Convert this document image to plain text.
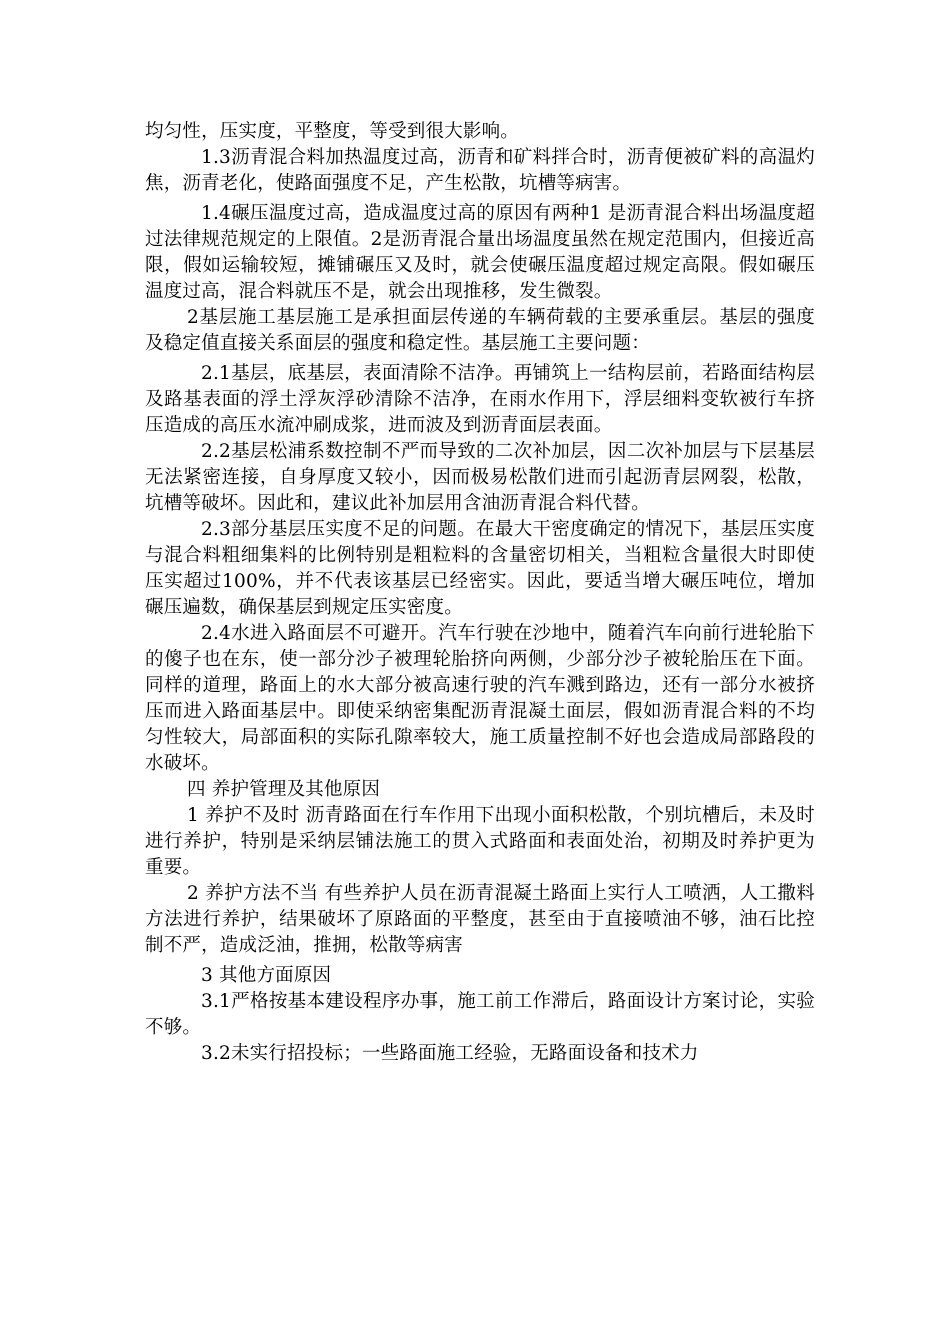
均匀性，压实度，平整度，等受到很大影响。

1.3沥青混合料加热温度过高，沥青和矿料拌合时，沥青便被矿料的高温灼焦，沥青老化，使路面强度不足，产生松散，坑槽等病害。

1.4碾压温度过高，造成温度过高的原因有两种1 是沥青混合料出场温度超过法律规范规定的上限值。2是沥青混合量出场温度虽然在规定范围内，但接近高限，假如运输较短，摊铺碾压又及时，就会使碾压温度超过规定高限。假如碾压温度过高，混合料就压不是，就会出现推移，发生微裂。

2基层施工基层施工是承担面层传递的车辆荷载的主要承重层。基层的强度及稳定值直接关系面层的强度和稳定性。基层施工主要问题：

2.1基层，底基层，表面清除不洁净。再铺筑上一结构层前，若路面结构层及路基表面的浮土浮灰浮砂清除不洁净，在雨水作用下，浮层细料变软被行车挤压造成的高压水流冲刷成浆，进而波及到沥青面层表面。

2.2基层松浦系数控制不严而导致的二次补加层，因二次补加层与下层基层无法紧密连接，自身厚度又较小，因而极易松散们进而引起沥青层网裂，松散，坑槽等破坏。因此和，建议此补加层用含油沥青混合料代替。

2.3部分基层压实度不足的问题。在最大干密度确定的情况下，基层压实度与混合料粗细集料的比例特别是粗粒料的含量密切相关，当粗粒含量很大时即使压实超过100%，并不代表该基层已经密实。因此，要适当增大碾压吨位，增加碾压遍数，确保基层到规定压实密度。

2.4水进入路面层不可避开。汽车行驶在沙地中，随着汽车向前行进轮胎下的傻子也在东，使一部分沙子被理轮胎挤向两侧，少部分沙子被轮胎压在下面。同样的道理，路面上的水大部分被高速行驶的汽车溅到路边，还有一部分水被挤压而进入路面基层中。即使采纳密集配沥青混凝土面层，假如沥青混合料的不均匀性较大，局部面积的实际孔隙率较大，施工质量控制不好也会造成局部路段的水破坏。

四 养护管理及其他原因

1 养护不及时 沥青路面在行车作用下出现小面积松散，个别坑槽后，未及时进行养护，特别是采纳层铺法施工的贯入式路面和表面处治，初期及时养护更为重要。

2 养护方法不当 有些养护人员在沥青混凝土路面上实行人工喷洒，人工撒料方法进行养护，结果破坏了原路面的平整度，甚至由于直接喷油不够，油石比控制不严，造成泛油，推拥，松散等病害

3 其他方面原因

3.1严格按基本建设程序办事，施工前工作滞后，路面设计方案讨论，实验不够。

3.2未实行招投标；一些路面施工经验，无路面设备和技术力
